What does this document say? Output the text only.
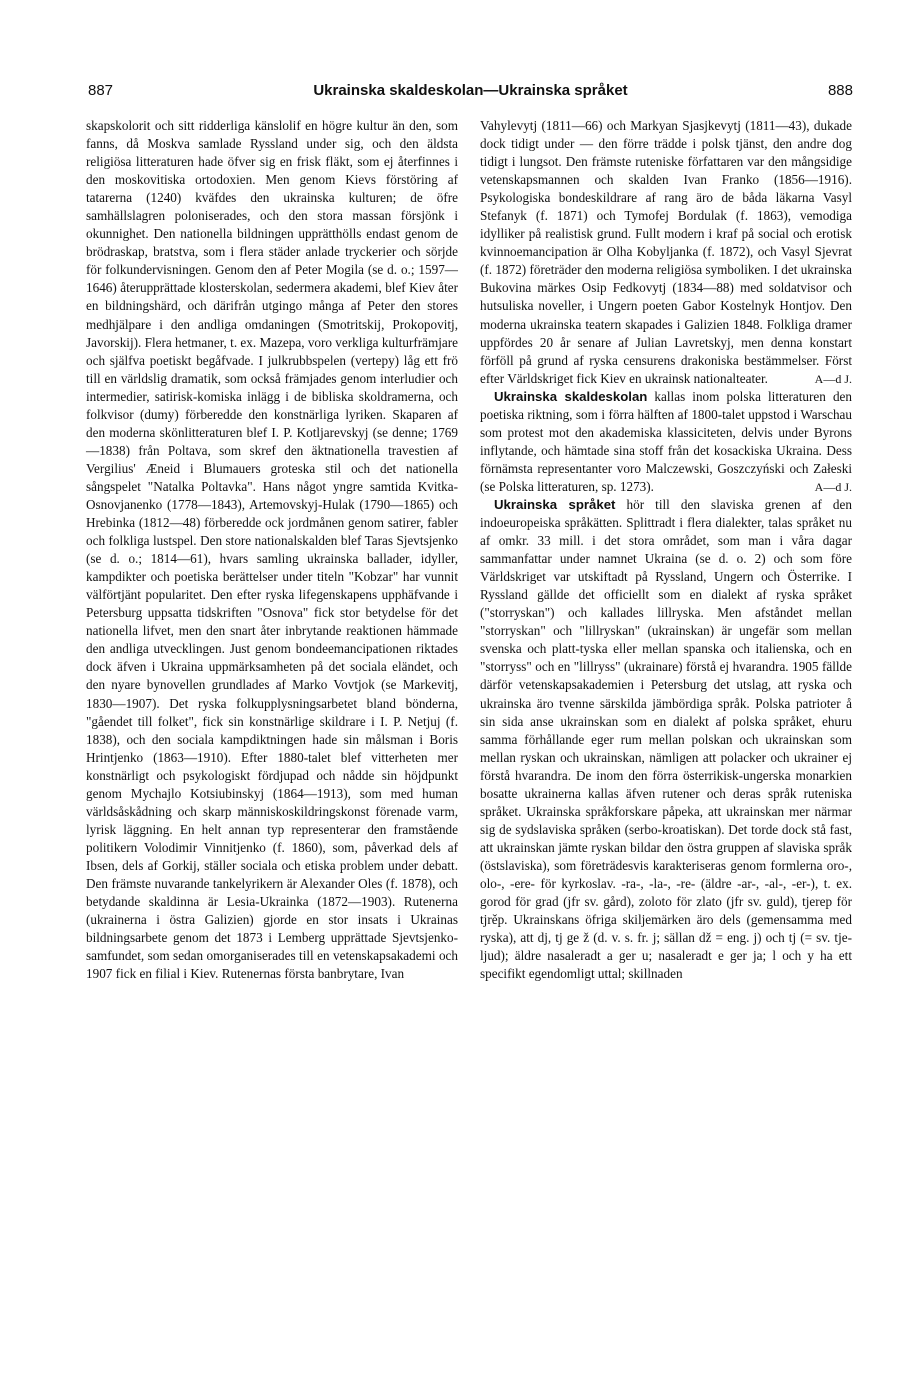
887	Ukrainska skaldeskolan—Ukrainska språket	888

skapskolorit och sitt ridderliga känslolif en högre kultur än den, som fanns, då Moskva samlade Ryssland under sig, och den äldsta religiösa litteraturen hade öfver sig en frisk fläkt, som ej återfinnes i den moskovitiska ortodoxien. Men genom Kievs förstöring af tatarerna (1240) kväfdes den ukrainska kulturen; de öfre samhällslagren poloniserades, och den stora massan försjönk i okunnighet. Den nationella bildningen upprätthölls endast genom de brödraskap, bratstva, som i flera städer anlade tryckerier och sörjde för folkundervisningen. Genom den af Peter Mogila (se d. o.; 1597—1646) återupprättade klosterskolan, sedermera akademi, blef Kiev åter en bildningshärd, och därifrån utgingo många af Peter den stores medhjälpare i den andliga omdaningen (Smotritskij, Prokopovitj, Javorskij). Flera hetmaner, t. ex. Mazepa, voro verkliga kulturfrämjare och själfva poetiskt begåfvade. I julkrubbspelen (vertepy) låg ett frö till en världslig dramatik, som också främjades genom interludier och intermedier, satirisk-komiska inlägg i de bibliska skoldramerna, och folkvisor (dumy) förberedde den konstnärliga lyriken. Skaparen af den moderna skönlitteraturen blef I. P. Kotljarevskyj (se denne; 1769—1838) från Poltava, som skref den äktnationella travestien af Vergilius' Æneid i Blumauers groteska stil och det nationella sångspelet "Natalka Poltavka". Hans något yngre samtida Kvitka-Osnovjanenko (1778—1843), Artemovskyj-Hulak (1790—1865) och Hrebinka (1812—48) förberedde ock jordmånen genom satirer, fabler och folkliga lustspel. Den store nationalskalden blef Taras Sjevtsjenko (se d. o.; 1814—61), hvars samling ukrainska ballader, idyller, kampdikter och poetiska berättelser under titeln "Kobzar" har vunnit välförtjänt popularitet. Den efter ryska lifegenskapens upphäfvande i Petersburg uppsatta tidskriften "Osnova" fick stor betydelse för det nationella lifvet, men den snart åter inbrytande reaktionen hämmade den andliga utvecklingen. Just genom bondeemancipationen riktades dock äfven i Ukraina uppmärksamheten på det sociala eländet, och den nyare bynovellen grundlades af Marko Vovtjok (se Markevitj, 1830—1907). Det ryska folkupplysningsarbetet bland bönderna, "gåendet till folket", fick sin konstnärlige skildrare i I. P. Netjuj (f. 1838), och den sociala kampdiktningen hade sin målsman i Boris Hrintjenko (1863—1910). Efter 1880-talet blef vitterheten mer konstnärligt och psykologiskt fördjupad och nådde sin höjdpunkt genom Mychajlo Kotsiubinskyj (1864—1913), som med human världsåskådning och skarp människoskildringskonst förenade varm, lyrisk läggning. En helt annan typ representerar den framstående politikern Volodimir Vinnitjenko (f. 1860), som, påverkad dels af Ibsen, dels af Gorkij, ställer sociala och etiska problem under debatt. Den främste nuvarande tankelyrikern är Alexander Oles (f. 1878), och betydande skaldinna är Lesia-Ukrainka (1872—1903). Rutenerna (ukrainerna i östra Galizien) gjorde en stor insats i Ukrainas bildningsarbete genom det 1873 i Lemberg upprättade Sjevtsjenko-samfundet, som sedan omorganiserades till en vetenskapsakademi och 1907 fick en filial i Kiev. Rutenernas första banbrytare, Ivan

Vahylevytj (1811—66) och Markyan Sjasjkevytj (1811—43), dukade dock tidigt under — den förre trädde i polsk tjänst, den andre dog tidigt i lungsot. Den främste ruteniske författaren var den mångsidige vetenskapsmannen och skalden Ivan Franko (1856—1916). Psykologiska bondeskildrare af rang äro de båda läkarna Vasyl Stefanyk (f. 1871) och Tymofej Bordulak (f. 1863), vemodiga idylliker på realistisk grund. Fullt modern i kraf på social och erotisk kvinnoemancipation är Olha Kobyljanka (f. 1872), och Vasyl Sjevrat (f. 1872) företräder den moderna religiösa symboliken. I det ukrainska Bukovina märkes Osip Fedkovytj (1834—88) med soldatvisor och hutsuliska noveller, i Ungern poeten Gabor Kostelnyk Hontjov. Den moderna ukrainska teatern skapades i Galizien 1848. Folkliga dramer uppfördes 20 år senare af Julian Lavretskyj, men denna konstart förföll på grund af ryska censurens drakoniska bestämmelser. Först efter Världskriget fick Kiev en ukrainsk nationalteater.	A—d J.

Ukrainska skaldeskolan kallas inom polska litteraturen den poetiska riktning, som i förra hälften af 1800-talet uppstod i Warschau som protest mot den akademiska klassiciteten, delvis under Byrons inflytande, och hämtade sina stoff från det kosackiska Ukraina. Dess förnämsta representanter voro Malczewski, Goszczyński och Załeski (se Polska litteraturen, sp. 1273).	A—d J.

Ukrainska språket hör till den slaviska grenen af den indoeuropeiska språkätten. Splittradt i flera dialekter, talas språket nu af omkr. 33 mill. i det stora området, som man i våra dagar sammanfattar under namnet Ukraina (se d. o. 2) och som före Världskriget var utskiftadt på Ryssland, Ungern och Österrike. I Ryssland gällde det officiellt som en dialekt af ryska språket ("storryskan") och kallades lillryska. Men afståndet mellan "storryskan" och "lillryskan" (ukrainskan) är ungefär som mellan svenska och platt-tyska eller mellan spanska och italienska, och en "storryss" och en "lillryss" (ukrainare) förstå ej hvarandra. 1905 fällde därför vetenskapsakademien i Petersburg det utslag, att ryska och ukrainska äro tvenne särskilda jämbördiga språk. Polska patrioter å sin sida anse ukrainskan som en dialekt af polska språket, ehuru samma förhållande eger rum mellan polskan och ukrainskan som mellan ryskan och ukrainskan, nämligen att polacker och ukrainer ej förstå hvarandra. De inom den förra österrikisk-ungerska monarkien bosatte ukrainerna kallas äfven rutener och deras språk ruteniska språket. Ukrainska språkforskare påpeka, att ukrainskan mer närmar sig de sydslaviska språken (serbo-kroatiskan). Det torde dock stå fast, att ukrainskan jämte ryskan bildar den östra gruppen af slaviska språk (östslaviska), som företrädesvis karakteriseras genom formlerna oro-, olo-, -ere- för kyrkoslav. -ra-, -la-, -re- (äldre -ar-, -al-, -er-), t. ex. gorod för grad (jfr sv. gård), zoloto för zlato (jfr sv. guld), tjerep för tjrěp. Ukrainskans öfriga skiljemärken äro dels (gemensamma med ryska), att dj, tj ge ž (d. v. s. fr. j; sällan dž = eng. j) och tj (= sv. tje-ljud); äldre nasaleradt a ger u; nasaleradt e ger ja; l och y ha ett specifikt egendomligt uttal; skillnaden
